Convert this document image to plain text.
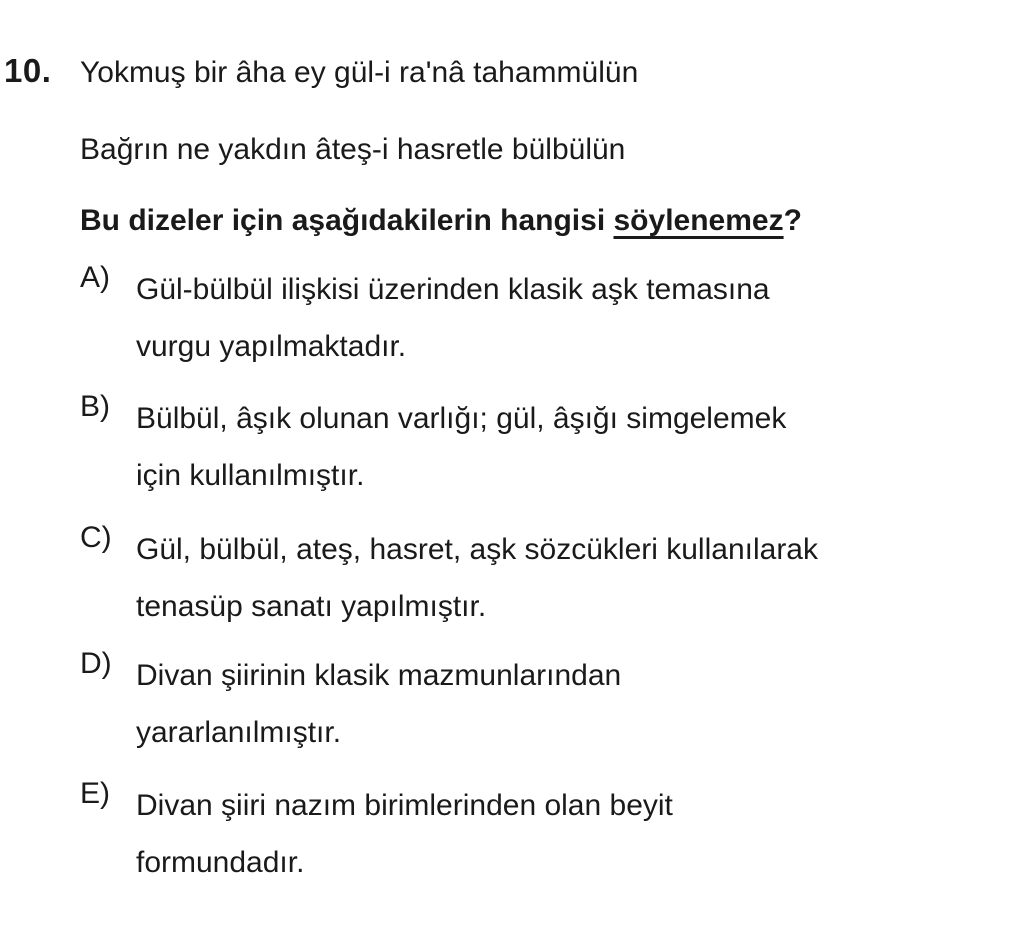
10. Yokmuş bir âha ey gül-i ra'nâ tahammülün
Bağrın ne yakdın âteş-i hasretle bülbülün
Bu dizeler için aşağıdakilerin hangisi söylenemez?
A) Gül-bülbül ilişkisi üzerinden klasik aşk temasına
vurgu yapılmaktadır.
B) Bülbül, âşık olunan varlığı; gül, âşığı simgelemek
için kullanılmıştır.
C) Gül, bülbül, ateş, hasret, aşk sözcükleri kullanılarak
tenasüp sanatı yapılmıştır.
D) Divan şiirinin klasik mazmunlarından
yararlanılmıştır.
E) Divan şiiri nazım birimlerinden olan beyit
formundadır.
